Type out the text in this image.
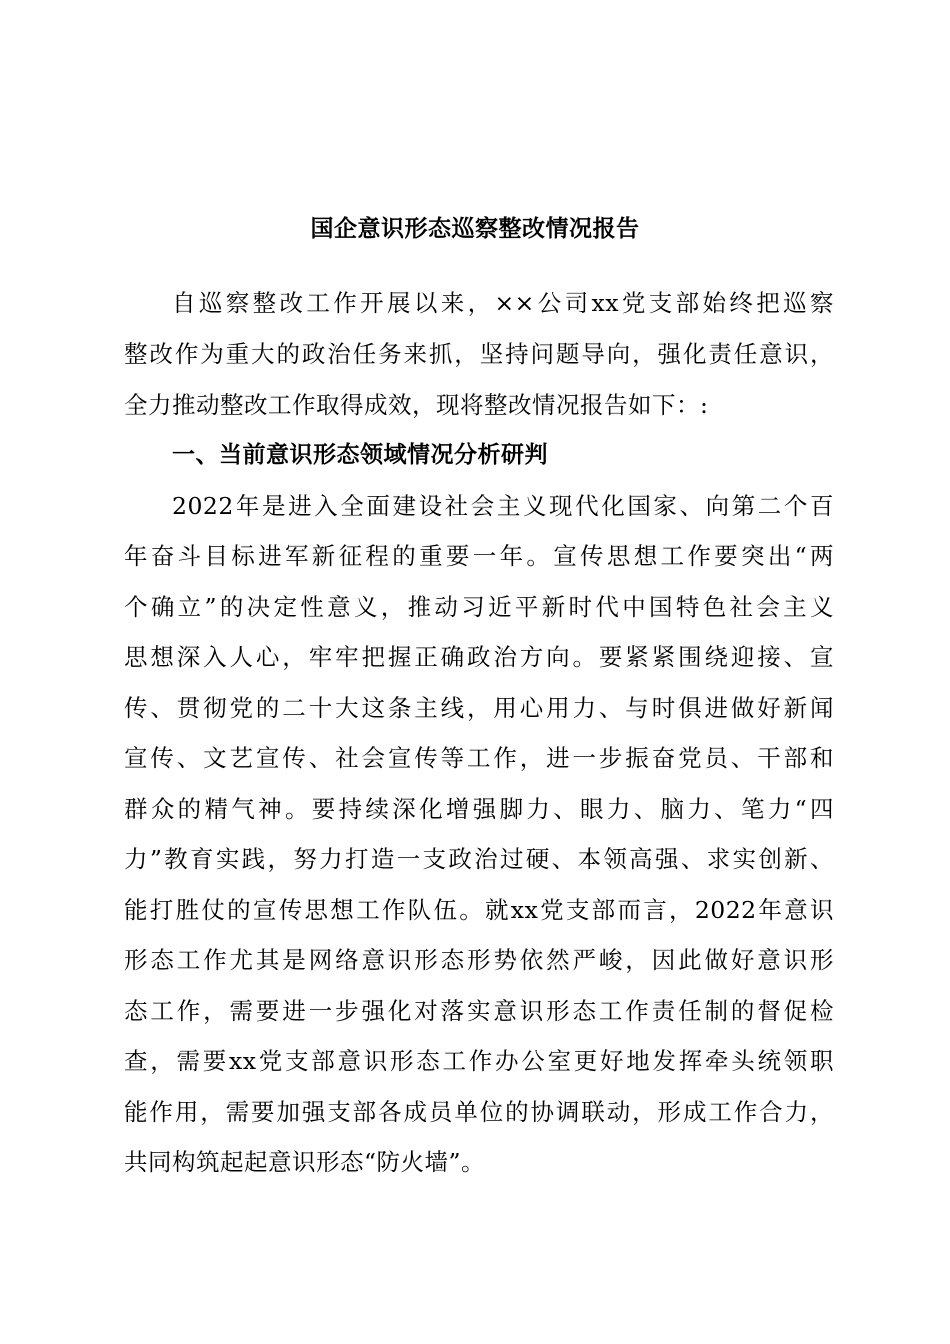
国企意识形态巡察整改情况报告
自巡察整改工作开展以来，××公司xx党支部始终把巡察
整改作为重大的政治任务来抓，坚持问题导向，强化责任意识，
全力推动整改工作取得成效，现将整改情况报告如下：:
一、当前意识形态领域情况分析研判
2022年是进入全面建设社会主义现代化国家、向第二个百
年奋斗目标进军新征程的重要一年。宣传思想工作要突出“两
个确立”的决定性意义，推动习近平新时代中国特色社会主义
思想深入人心，牢牢把握正确政治方向。要紧紧围绕迎接、宣
传、贯彻党的二十大这条主线，用心用力、与时俱进做好新闻
宣传、文艺宣传、社会宣传等工作，进一步振奋党员、干部和
群众的精气神。要持续深化增强脚力、眼力、脑力、笔力“四
力”教育实践，努力打造一支政治过硬、本领高强、求实创新、
能打胜仗的宣传思想工作队伍。就xx党支部而言，2022年意识
形态工作尤其是网络意识形态形势依然严峻，因此做好意识形
态工作，需要进一步强化对落实意识形态工作责任制的督促检
查，需要xx党支部意识形态工作办公室更好地发挥牵头统领职
能作用，需要加强支部各成员单位的协调联动，形成工作合力，
共同构筑起起意识形态“防火墙”。
